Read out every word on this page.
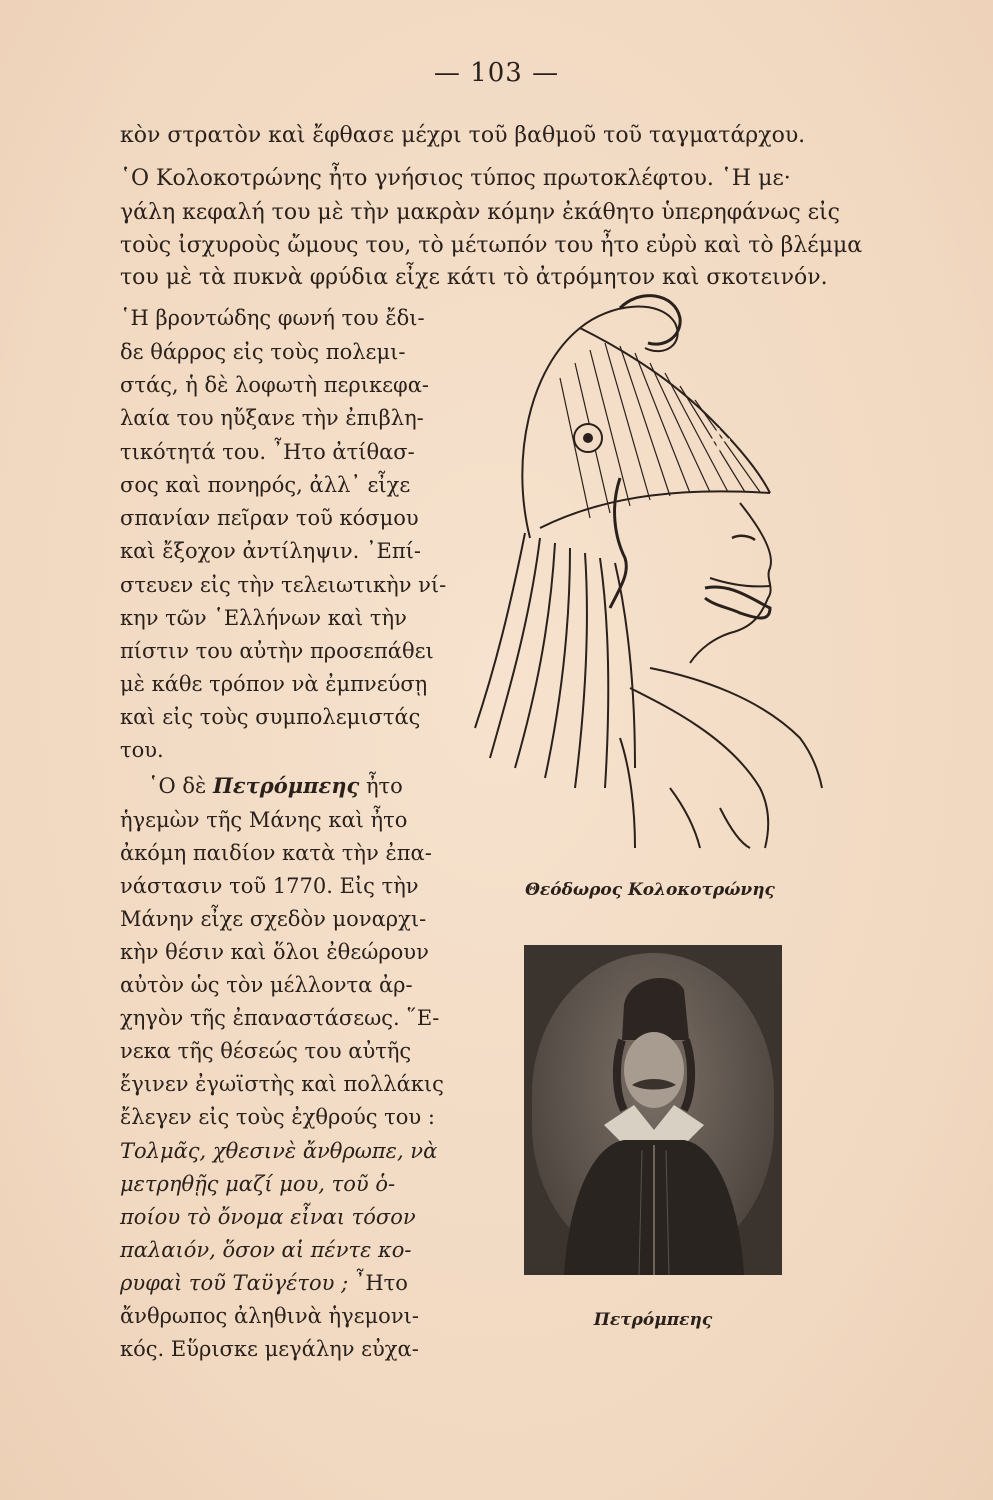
— 103 —
κὸν στρατὸν καὶ ἔφθασε μέχρι τοῦ βαθμοῦ τοῦ ταγματάρχου.
῾Ο Κολοκοτρώνης ἦτο γνήσιος τύπος πρωτοκλέφτου. ῾Η με·
γάλη κεφαλή του μὲ τὴν μακρὰν κόμην ἐκάθητο ὑπερηφάνως εἰς
τοὺς ἰσχυροὺς ὤμους του, τὸ μέτωπόν του ἦτο εὐρὺ καὶ τὸ βλέμμα
του μὲ τὰ πυκνὰ φρύδια εἶχε κάτι τὸ ἀτρόμητον καὶ σκοτεινόν.
῾Η βροντώδης φωνή του ἔδι-
δε θάρρος εἰς τοὺς πολεμι-
στάς, ἡ δὲ λοφωτὴ περικεφα-
λαία του ηὔξανε τὴν ἐπιβλη-
τικότητά του. ῏Ητο ἀτίθασ-
σος καὶ πονηρός, ἀλλ᾿ εἶχε
σπανίαν πεῖραν τοῦ κόσμου
καὶ ἔξοχον ἀντίληψιν. ᾿Επί-
στευεν εἰς τὴν τελειωτικὴν νί-
κην τῶν ῾Ελλήνων καὶ τὴν
πίστιν του αὐτὴν προσεπάθει
μὲ κάθε τρόπον νὰ ἐμπνεύσῃ
καὶ εἰς τοὺς συμπολεμιστάς
του.
῾Ο δὲ Πετρόμπεης ἦτο
ἡγεμὼν τῆς Μάνης καὶ ἦτο
ἀκόμη παιδίον κατὰ τὴν ἐπα-
νάστασιν τοῦ 1770. Εἰς τὴν
Μάνην εἶχε σχεδὸν μοναρχι-
κὴν θέσιν καὶ ὅλοι ἐθεώρουν
αὐτὸν ὡς τὸν μέλλοντα ἀρ-
χηγὸν τῆς ἐπαναστάσεως. ῞Ε-
νεκα τῆς θέσεώς του αὐτῆς
ἔγινεν ἐγωϊστὴς καὶ πολλάκις
ἔλεγεν εἰς τοὺς ἐχθρούς του :
Τολμᾶς, χθεσινὲ ἄνθρωπε, νὰ
μετρηθῇς μαζί μου, τοῦ ὁ-
ποίου τὸ ὄνομα εἶναι τόσον
παλαιόν, ὅσον αἱ πέντε κο-
ρυφαὶ τοῦ Ταϋγέτου ; ῏Ητο
ἄνθρωπος ἀληθινὰ ἡγεμονι-
κός. Εὕρισκε μεγάλην εὐχα-
Θεόδωρος Κολοκοτρώνης
Πετρόμπεης
